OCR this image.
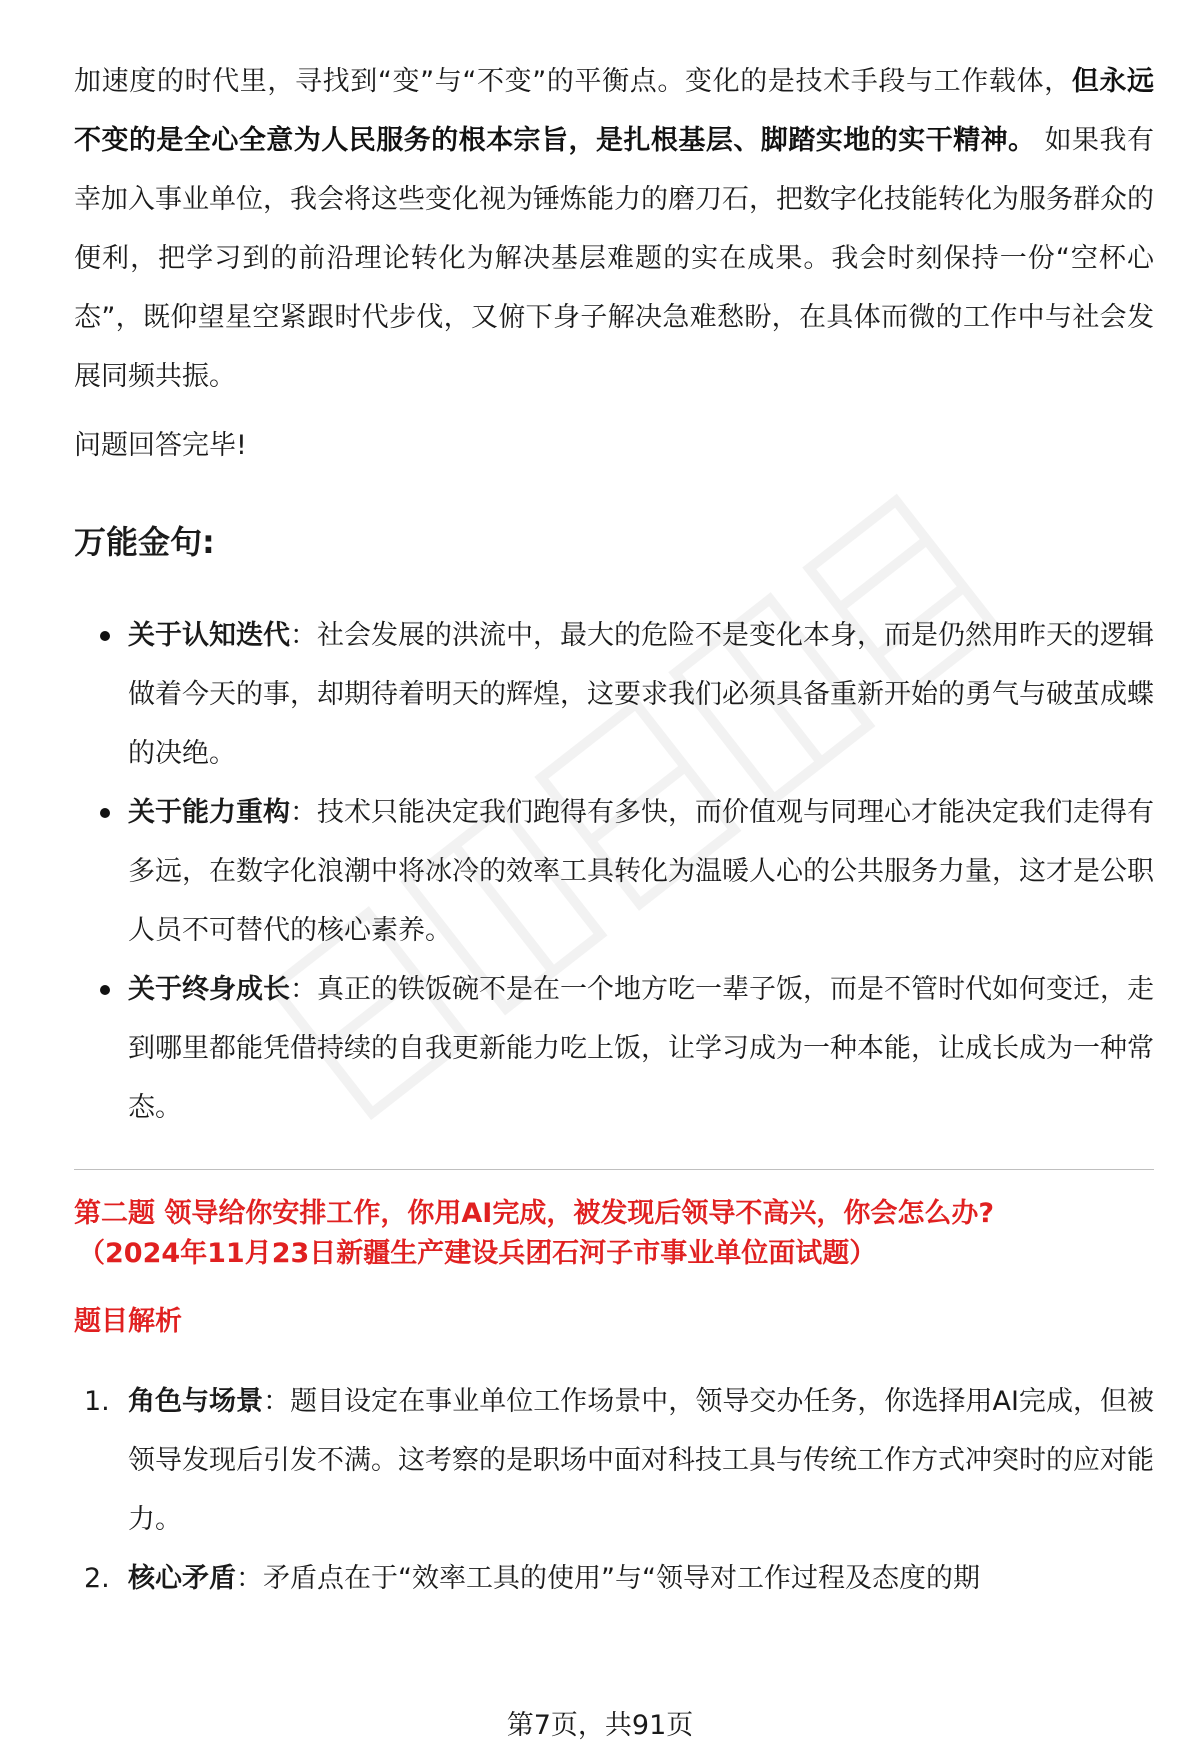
加速度的时代里，寻找到“变”与“不变”的平衡点。变化的是技术手段与工作载体，但永远不变的是全心全意为人民服务的根本宗旨，是扎根基层、脚踏实地的实干精神。 如果我有幸加入事业单位，我会将这些变化视为锤炼能力的磨刀石，把数字化技能转化为服务群众的便利，把学习到的前沿理论转化为解决基层难题的实在成果。我会时刻保持一份“空杯心态”，既仰望星空紧跟时代步伐，又俯下身子解决急难愁盼，在具体而微的工作中与社会发展同频共振。

问题回答完毕!

万能金句:
关于认知迭代：社会发展的洪流中，最大的危险不是变化本身，而是仍然用昨天的逻辑做着今天的事，却期待着明天的辉煌，这要求我们必须具备重新开始的勇气与破茧成蝶的决绝。
关于能力重构：技术只能决定我们跑得有多快，而价值观与同理心才能决定我们走得有多远，在数字化浪潮中将冰冷的效率工具转化为温暖人心的公共服务力量，这才是公职人员不可替代的核心素养。
关于终身成长：真正的铁饭碗不是在一个地方吃一辈子饭，而是不管时代如何变迁，走到哪里都能凭借持续的自我更新能力吃上饭，让学习成为一种本能，让成长成为一种常态。
第二题 领导给你安排工作，你用AI完成，被发现后领导不高兴，你会怎么办?
（2024年11月23日新疆生产建设兵团石河子市事业单位面试题）
题目解析
1. 角色与场景：题目设定在事业单位工作场景中，领导交办任务，你选择用AI完成，但被领导发现后引发不满。这考察的是职场中面对科技工具与传统工作方式冲突时的应对能力。
2. 核心矛盾：矛盾点在于“效率工具的使用”与“领导对工作过程及态度的期
第7页，共91页
